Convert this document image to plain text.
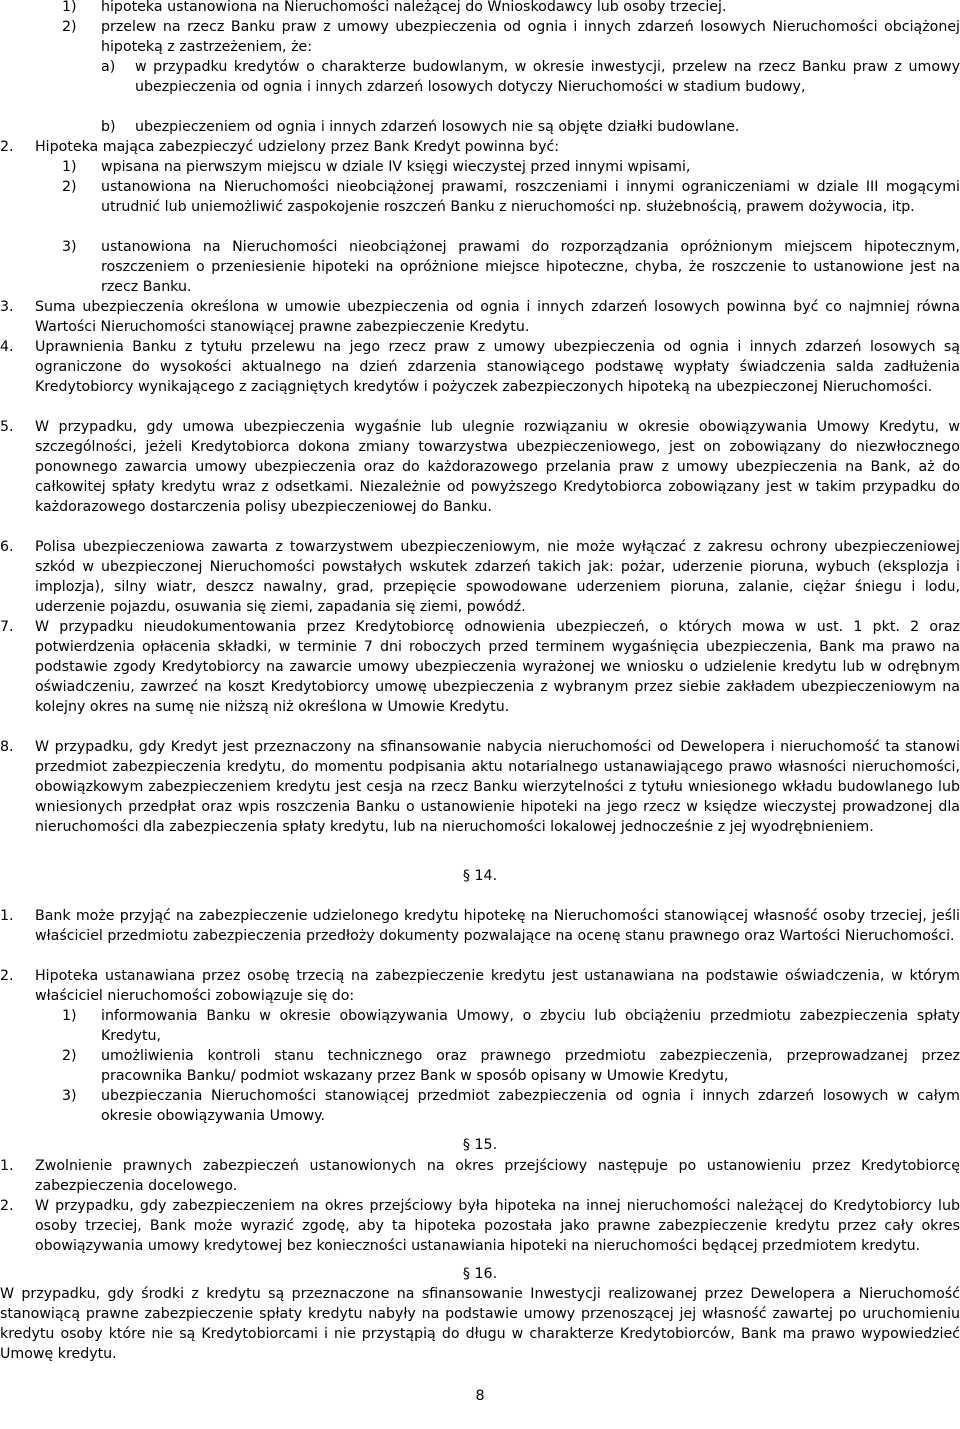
1) hipoteka ustanowiona na Nieruchomości należącej do Wnioskodawcy lub osoby trzeciej.
2) przelew na rzecz Banku praw z umowy ubezpieczenia od ognia i innych zdarzeń losowych Nieruchomości obciążonej hipoteką z zastrzeżeniem, że:
a) w przypadku kredytów o charakterze budowlanym, w okresie inwestycji, przelew na rzecz Banku praw z umowy ubezpieczenia od ognia i innych zdarzeń losowych dotyczy Nieruchomości w stadium budowy,
b) ubezpieczeniem od ognia i innych zdarzeń losowych nie są objęte działki budowlane.
2. Hipoteka mająca zabezpieczyć udzielony przez Bank Kredyt powinna być:
1) wpisana na pierwszym miejscu w dziale IV księgi wieczystej przed innymi wpisami,
2) ustanowiona na Nieruchomości nieobciążonej prawami, roszczeniami i innymi ograniczeniami w dziale III mogącymi utrudnić lub uniemożliwić zaspokojenie roszczeń Banku z nieruchomości np. służebnością, prawem dożywocia, itp.
3) ustanowiona na Nieruchomości nieobciążonej prawami do rozporządzania opróżnionym miejscem hipotecznym, roszczeniem o przeniesienie hipoteki na opróżnione miejsce hipoteczne, chyba, że roszczenie to ustanowione jest na rzecz Banku.
3. Suma ubezpieczenia określona w umowie ubezpieczenia od ognia i innych zdarzeń losowych powinna być co najmniej równa Wartości Nieruchomości stanowiącej prawne zabezpieczenie Kredytu.
4. Uprawnienia Banku z tytułu przelewu na jego rzecz praw z umowy ubezpieczenia od ognia i innych zdarzeń losowych są ograniczone do wysokości aktualnego na dzień zdarzenia stanowiącego podstawę wypłaty świadczenia salda zadłużenia Kredytobiorcy wynikającego z zaciągniętych kredytów i pożyczek zabezpieczonych hipoteką na ubezpieczonej Nieruchomości.
5. W przypadku, gdy umowa ubezpieczenia wygaśnie lub ulegnie rozwiązaniu w okresie obowiązywania Umowy Kredytu, w szczególności, jeżeli Kredytobiorca dokona zmiany towarzystwa ubezpieczeniowego, jest on zobowiązany do niezwłocznego ponownego zawarcia umowy ubezpieczenia oraz do każdorazowego przelania praw z umowy ubezpieczenia na Bank, aż do całkowitej spłaty kredytu wraz z odsetkami. Niezależnie od powyższego Kredytobiorca zobowiązany jest w takim przypadku do każdorazowego dostarczenia polisy ubezpieczeniowej do Banku.
6. Polisa ubezpieczeniowa zawarta z towarzystwem ubezpieczeniowym, nie może wyłączać z zakresu ochrony ubezpieczeniowej szkód w ubezpieczonej Nieruchomości powstałych wskutek zdarzeń takich jak: pożar, uderzenie pioruna, wybuch (eksplozja i implozja), silny wiatr, deszcz nawalny, grad, przepięcie spowodowane uderzeniem pioruna, zalanie, ciężar śniegu i lodu, uderzenie pojazdu, osuwania się ziemi, zapadania się ziemi, powódź.
7. W przypadku nieudokumentowania przez Kredytobiorcę odnowienia ubezpieczeń, o których mowa w ust. 1 pkt. 2 oraz potwierdzenia opłacenia składki, w terminie 7 dni roboczych przed terminem wygaśnięcia ubezpieczenia, Bank ma prawo na podstawie zgody Kredytobiorcy na zawarcie umowy ubezpieczenia wyrażonej we wniosku o udzielenie kredytu lub w odrębnym oświadczeniu, zawrzeć na koszt Kredytobiorcy umowę ubezpieczenia z wybranym przez siebie zakładem ubezpieczeniowym na kolejny okres na sumę nie niższą niż określona w Umowie Kredytu.
8. W przypadku, gdy Kredyt jest przeznaczony na sfinansowanie nabycia nieruchomości od Dewelopera i nieruchomość ta stanowi przedmiot zabezpieczenia kredytu, do momentu podpisania aktu notarialnego ustanawiającego prawo własności nieruchomości, obowiązkowym zabezpieczeniem kredytu jest cesja na rzecz Banku wierzytelności z tytułu wniesionego wkładu budowlanego lub wniesionych przedpłat oraz wpis roszczenia Banku o ustanowienie hipoteki na jego rzecz w księdze wieczystej prowadzonej dla nieruchomości dla zabezpieczenia spłaty kredytu, lub na nieruchomości lokalowej jednocześnie z jej wyodrębnieniem.
§ 14.
1. Bank może przyjąć na zabezpieczenie udzielonego kredytu hipotekę na Nieruchomości stanowiącej własność osoby trzeciej, jeśli właściciel przedmiotu zabezpieczenia przedłoży dokumenty pozwalające na ocenę stanu prawnego oraz Wartości Nieruchomości.
2. Hipoteka ustanawiana przez osobę trzecią na zabezpieczenie kredytu jest ustanawiana na podstawie oświadczenia, w którym właściciel nieruchomości zobowiązuje się do:
1) informowania Banku w okresie obowiązywania Umowy, o zbyciu lub obciążeniu przedmiotu zabezpieczenia spłaty Kredytu,
2) umożliwienia kontroli stanu technicznego oraz prawnego przedmiotu zabezpieczenia, przeprowadzanej przez pracownika Banku/ podmiot wskazany przez Bank w sposób opisany w Umowie Kredytu,
3) ubezpieczania Nieruchomości stanowiącej przedmiot zabezpieczenia od ognia i innych zdarzeń losowych w całym okresie obowiązywania Umowy.
§ 15.
1. Zwolnienie prawnych zabezpieczeń ustanowionych na okres przejściowy następuje po ustanowieniu przez Kredytobiorcę zabezpieczenia docelowego.
2. W przypadku, gdy zabezpieczeniem na okres przejściowy była hipoteka na innej nieruchomości należącej do Kredytobiorcy lub osoby trzeciej, Bank może wyrazić zgodę, aby ta hipoteka pozostała jako prawne zabezpieczenie kredytu przez cały okres obowiązywania umowy kredytowej bez konieczności ustanawiania hipoteki na nieruchomości będącej przedmiotem kredytu.
§ 16.
W przypadku, gdy środki z kredytu są przeznaczone na sfinansowanie Inwestycji realizowanej przez Dewelopera a Nieruchomość stanowiącą prawne zabezpieczenie spłaty kredytu nabyły na podstawie umowy przenoszącej jej własność zawartej po uruchomieniu kredytu osoby które nie są Kredytobiorcami i nie przystąpią do długu w charakterze Kredytobiorców, Bank ma prawo wypowiedzieć Umowę kredytu.
8
